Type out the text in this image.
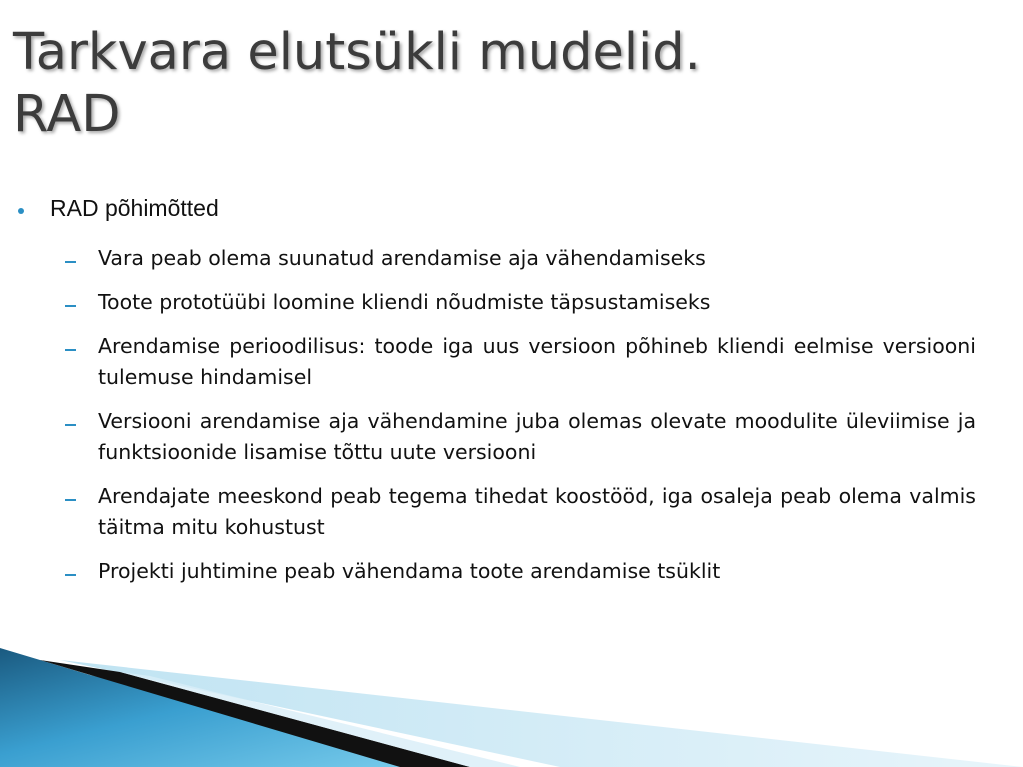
Tarkvara elutsükli mudelid.
RAD
RAD põhimõtted
Vara peab olema suunatud arendamise aja vähendamiseks
Toote prototüübi loomine kliendi nõudmiste täpsustamiseks
Arendamise perioodilisus: toode iga uus versioon põhineb kliendi eelmise versiooni tulemuse hindamisel
Versiooni arendamise aja vähendamine juba olemas olevate moodulite üleviimise ja funktsioonide lisamise tõttu uute versiooni
Arendajate meeskond peab tegema tihedat koostööd, iga osaleja peab olema valmis täitma mitu kohustust
Projekti juhtimine peab vähendama toote arendamise tsüklit
